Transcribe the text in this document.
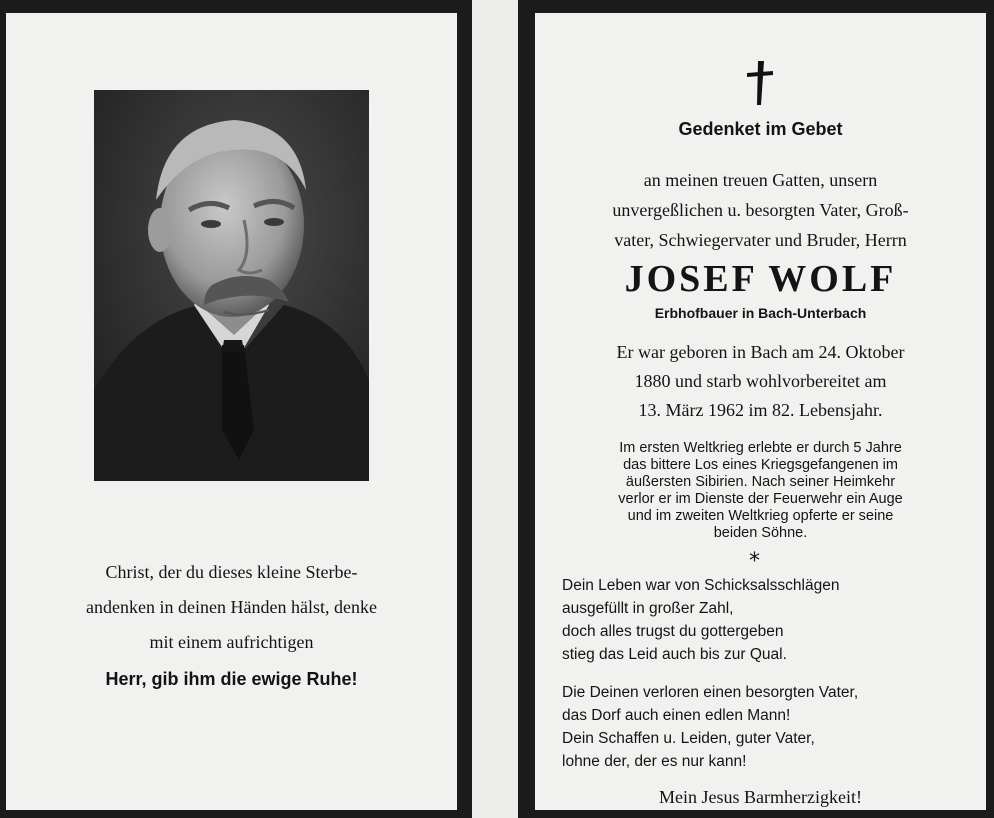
Christ, der du dieses kleine Sterbe-
andenken in deinen Händen hälst, denke
mit einem aufrichtigen
Herr, gib ihm die ewige Ruhe!
Gedenket im Gebet
an meinen treuen Gatten, unsern
unvergeßlichen u. besorgten Vater, Groß-
vater, Schwiegervater und Bruder, Herrn
JOSEF WOLF
Erbhofbauer in Bach-Unterbach
Er war geboren in Bach am 24. Oktober
1880 und starb wohlvorbereitet am
13. März 1962 im 82. Lebensjahr.
Im ersten Weltkrieg erlebte er durch 5 Jahre
das bittere Los eines Kriegsgefangenen im
äußersten Sibirien. Nach seiner Heimkehr
verlor er im Dienste der Feuerwehr ein Auge
und im zweiten Weltkrieg opferte er seine
beiden Söhne.
*
Dein Leben war von Schicksalsschlägen
ausgefüllt in großer Zahl,
doch alles trugst du gottergeben
stieg das Leid auch bis zur Qual.
Die Deinen verloren einen besorgten Vater,
das Dorf auch einen edlen Mann!
Dein Schaffen u. Leiden, guter Vater,
lohne der, der es nur kann!
Mein Jesus Barmherzigkeit!
